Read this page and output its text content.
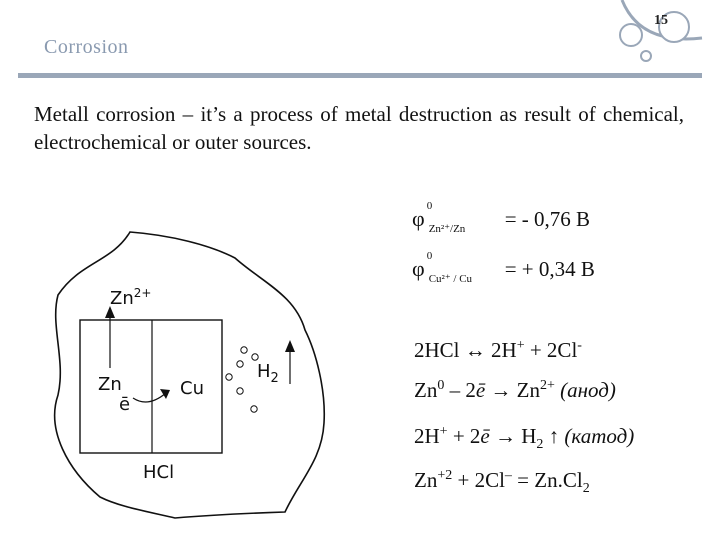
Corrosion
15
Metall corrosion – it’s a process of metal destruction as result of chemical, electrochemical or outer sources.
$Zn^{2+}$
Zn
ē
Cu
$H_2$
HCl
φ 0
Zn²⁺/Zn = - 0,76 B
φ 0
Cu²⁺ / Cu = + 0,34 B
2HCl ↔ 2H+ + 2Cl-
Zn$^0$ – 2ē → $Zn^{2+}$ (анод)
2H+ + 2ē → $H_2$ ↑ (катод)
$Zn^{+2} + 2Cl^- = Zn.Cl_2$
